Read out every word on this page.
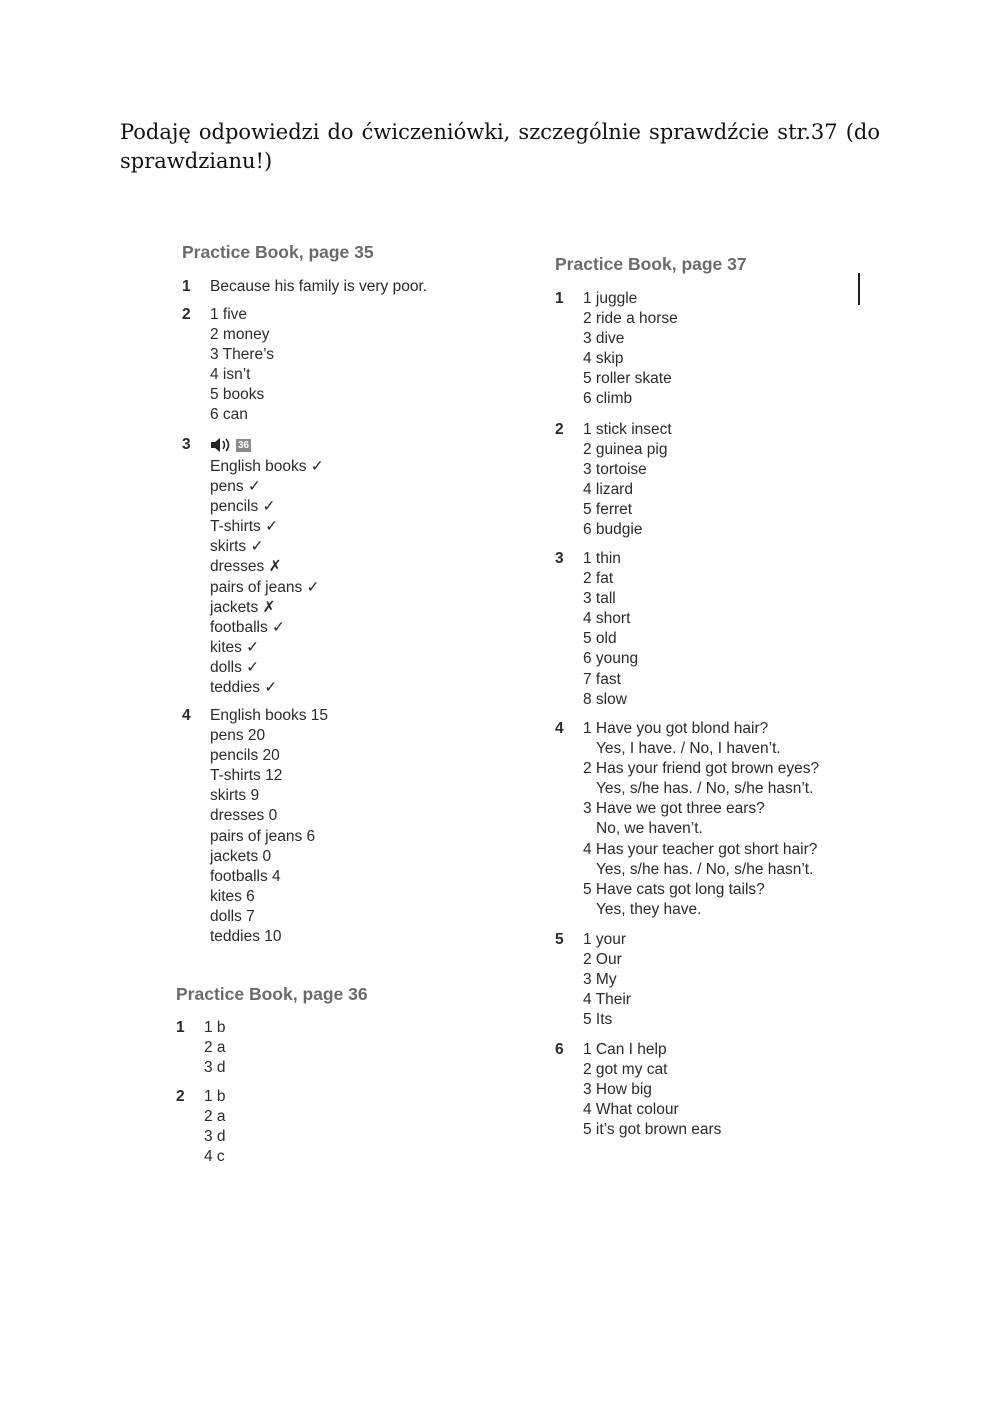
Podaję odpowiedzi do ćwiczeniówki, szczególnie sprawdźcie str.37 (do sprawdzianu!)
Practice Book, page 35
1	Because his family is very poor.
2	1 five
2 money
3 There’s
4 isn’t
5 books
6 can
3	36
English books ✓
pens ✓
pencils ✓
T-shirts ✓
skirts ✓
dresses ✗
pairs of jeans ✓
jackets ✗
footballs ✓
kites ✓
dolls ✓
teddies ✓
4	English books 15
pens 20
pencils 20
T-shirts 12
skirts 9
dresses 0
pairs of jeans 6
jackets 0
footballs 4
kites 6
dolls 7
teddies 10
Practice Book, page 36
1	1 b
2 a
3 d
2	1 b
2 a
3 d
4 c
Practice Book, page 37
1	1 juggle
2 ride a horse
3 dive
4 skip
5 roller skate
6 climb
2	1 stick insect
2 guinea pig
3 tortoise
4 lizard
5 ferret
6 budgie
3	1 thin
2 fat
3 tall
4 short
5 old
6 young
7 fast
8 slow
4	1 Have you got blond hair?
Yes, I have. / No, I haven’t.
2 Has your friend got brown eyes?
Yes, s/he has. / No, s/he hasn’t.
3 Have we got three ears?
No, we haven’t.
4 Has your teacher got short hair?
Yes, s/he has. / No, s/he hasn’t.
5 Have cats got long tails?
Yes, they have.
5	1 your
2 Our
3 My
4 Their
5 Its
6	1 Can I help
2 got my cat
3 How big
4 What colour
5 it’s got brown ears
